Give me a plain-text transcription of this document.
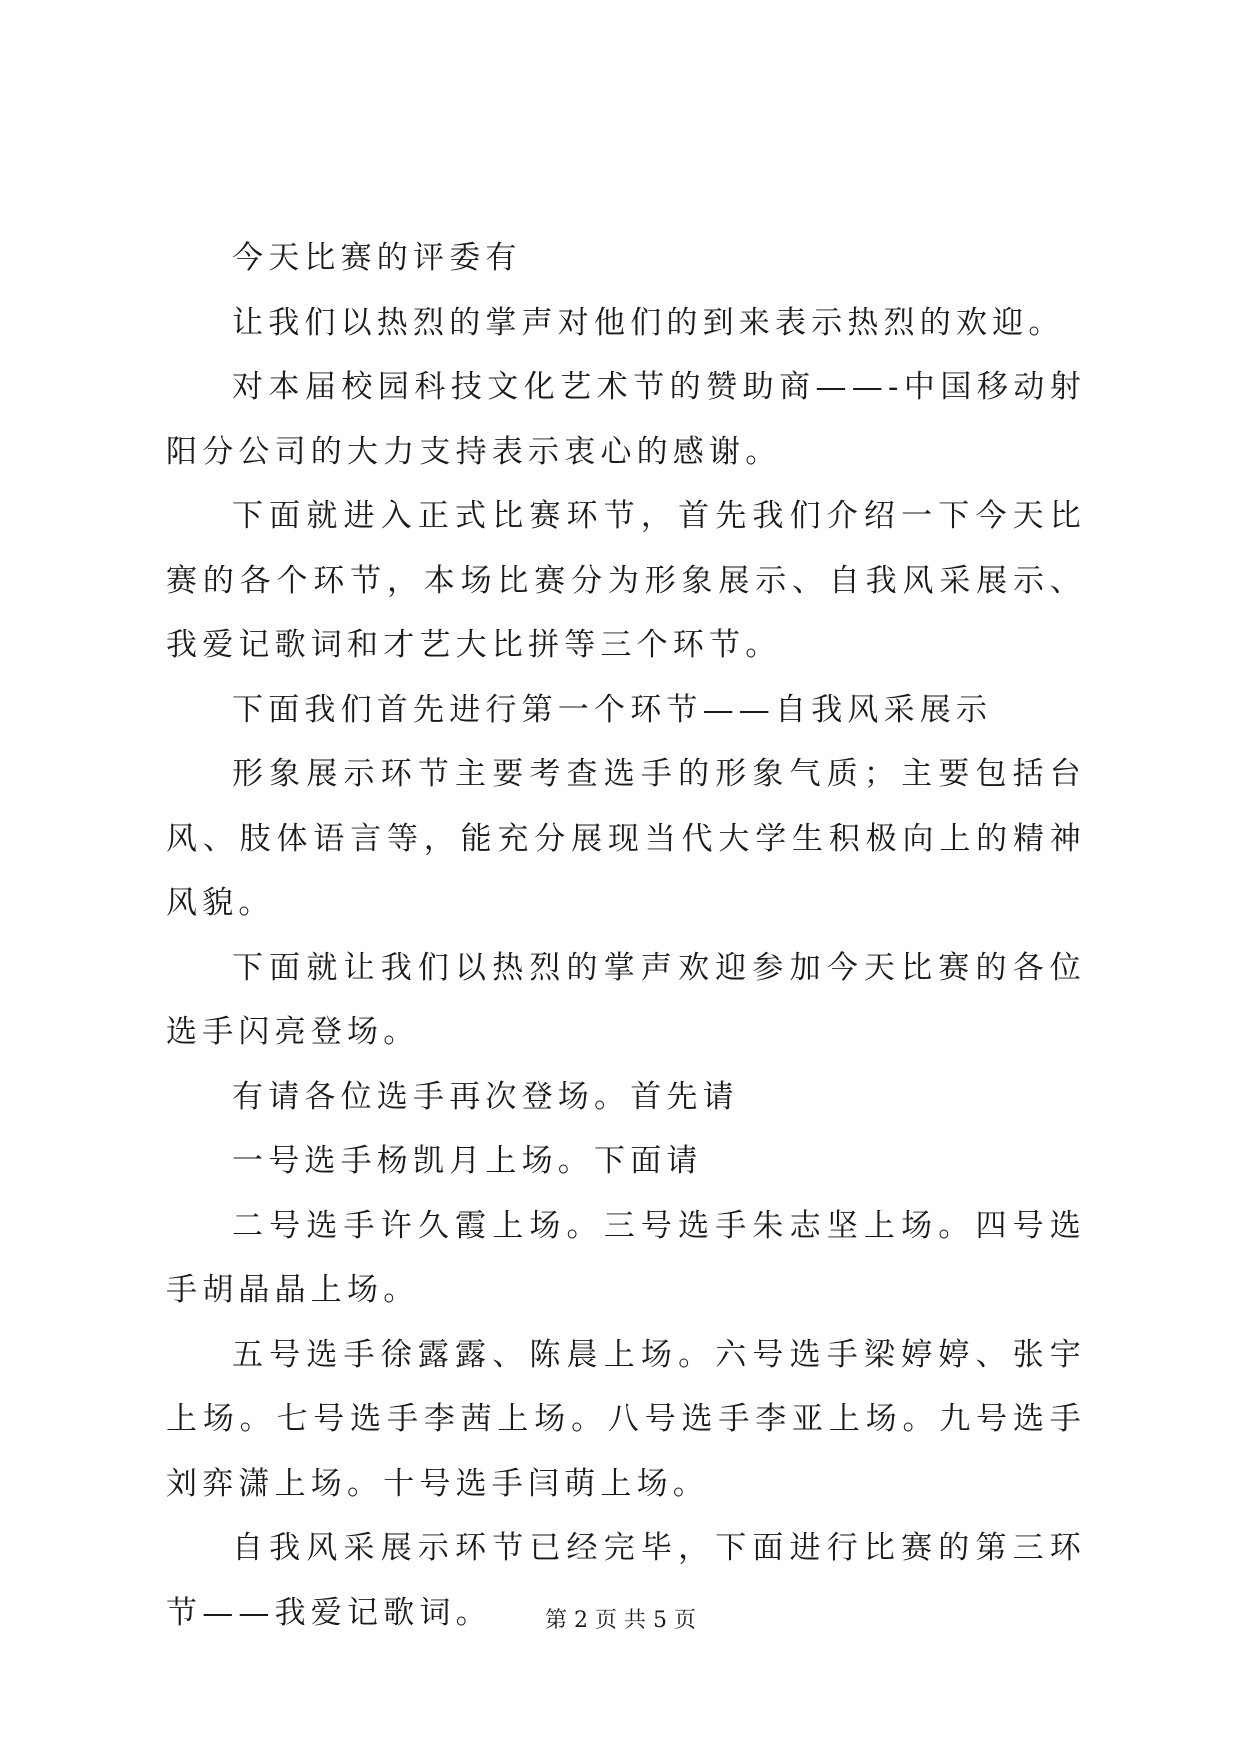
今天比赛的评委有

让我们以热烈的掌声对他们的到来表示热烈的欢迎。

对本届校园科技文化艺术节的赞助商——-中国移动射阳分公司的大力支持表示衷心的感谢。

下面就进入正式比赛环节，首先我们介绍一下今天比赛的各个环节，本场比赛分为形象展示、自我风采展示、我爱记歌词和才艺大比拼等三个环节。

下面我们首先进行第一个环节——自我风采展示

形象展示环节主要考查选手的形象气质；主要包括台风、肢体语言等，能充分展现当代大学生积极向上的精神风貌。

下面就让我们以热烈的掌声欢迎参加今天比赛的各位选手闪亮登场。

有请各位选手再次登场。首先请

一号选手杨凯月上场。下面请

二号选手许久霞上场。三号选手朱志坚上场。四号选手胡晶晶上场。

五号选手徐露露、陈晨上场。六号选手梁婷婷、张宇上场。七号选手李茜上场。八号选手李亚上场。九号选手刘弈潇上场。十号选手闫萌上场。

自我风采展示环节已经完毕，下面进行比赛的第三环节——我爱记歌词。	第 2 页 共 5 页
